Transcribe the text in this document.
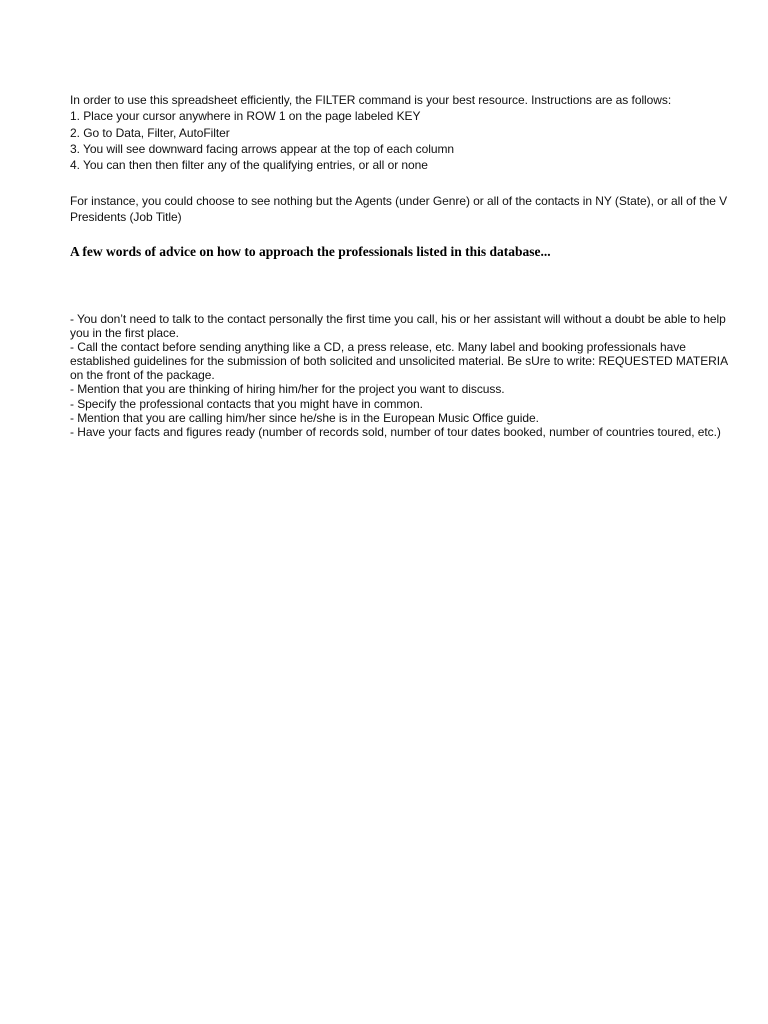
In order to use this spreadsheet efficiently, the FILTER command is your best resource. Instructions are as follows:
1. Place your cursor anywhere in ROW 1 on the page labeled KEY
2. Go to Data, Filter, AutoFilter
3. You will see downward facing arrows appear at the top of each column
4. You can then then filter any of the qualifying entries, or all or none
For instance, you could choose to see nothing but the Agents (under Genre) or all of the contacts in NY (State), or all of the V
Presidents (Job Title)
A few words of advice on how to approach the professionals listed in this database...
- You don’t need to talk to the contact personally the first time you call, his or her assistant will without a doubt be able to help
you in the first place.
- Call the contact before sending anything like a CD, a press release, etc. Many label and booking professionals have
established guidelines for the submission of both solicited and unsolicited material. Be sUre to write: REQUESTED MATERIA
on the front of the package.
- Mention that you are thinking of hiring him/her for the project you want to discuss.
- Specify the professional contacts that you might have in common.
- Mention that you are calling him/her since he/she is in the European Music Office guide.
- Have your facts and figures ready (number of records sold, number of tour dates booked, number of countries toured, etc.)
